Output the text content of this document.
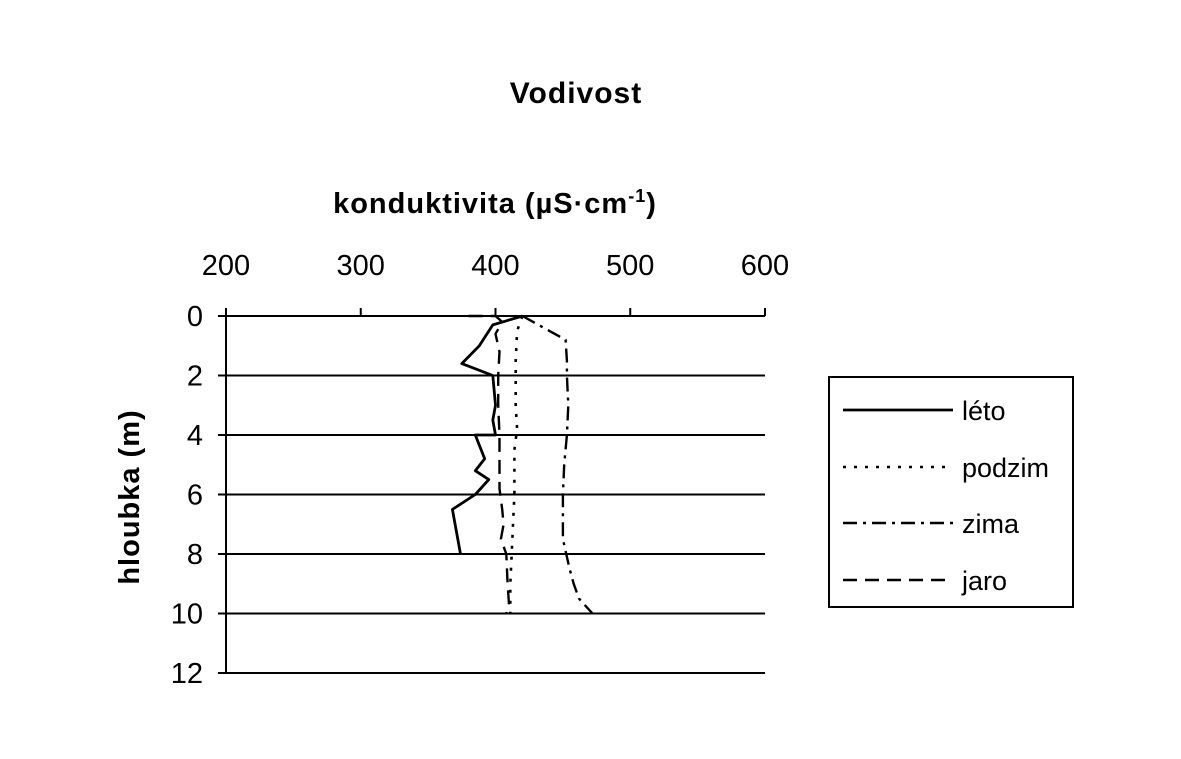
Vodivost
konduktivita $(\mu S\cdot cm^{-1})$
hloubka (m)
200	300	400	500	600
0
2
4
6
8
10
12
léto
podzim
zima
jaro
